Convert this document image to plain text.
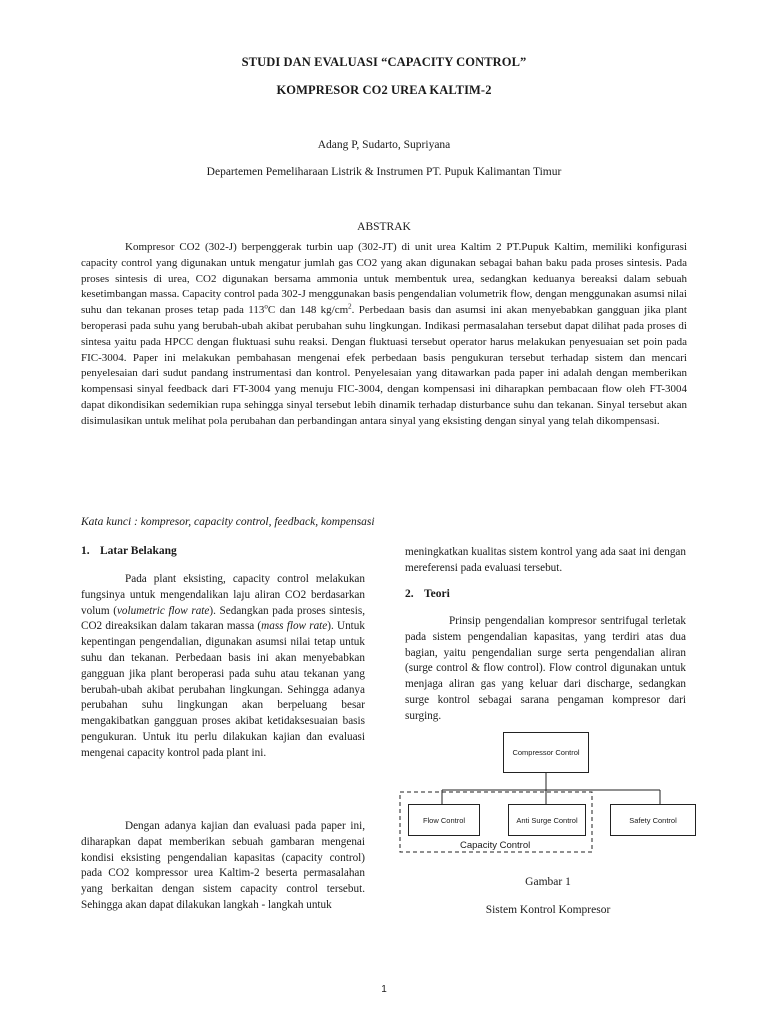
STUDI DAN EVALUASI “CAPACITY CONTROL”
KOMPRESOR CO2 UREA KALTIM-2
Adang P, Sudarto, Supriyana
Departemen Pemeliharaan Listrik & Instrumen PT. Pupuk Kalimantan Timur
ABSTRAK

Kompresor CO2 (302-J) berpenggerak turbin uap (302-JT) di unit urea Kaltim 2 PT.Pupuk Kaltim, memiliki konfigurasi capacity control yang digunakan untuk mengatur jumlah gas CO2 yang akan digunakan sebagai bahan baku pada proses sintesis. Pada proses sintesis di urea, CO2 digunakan bersama ammonia untuk membentuk urea, sedangkan keduanya bereaksi dalam sebuah kesetimbangan massa. Capacity control pada 302-J menggunakan basis pengendalian volumetrik flow, dengan menggunakan asumsi nilai suhu dan tekanan proses tetap pada 113$^o$C dan 148 $kg/cm^2$. Perbedaan basis dan asumsi ini akan menyebabkan gangguan jika plant beroperasi pada suhu yang berubah-ubah akibat perubahan suhu lingkungan. Indikasi permasalahan tersebut dapat dilihat pada proses di sintesa yaitu pada HPCC dengan fluktuasi suhu reaksi. Dengan fluktuasi tersebut operator harus melakukan penyesuaian set poin pada FIC-3004. Paper ini melakukan pembahasan mengenai efek perbedaan basis pengukuran tersebut terhadap sistem dan mencari penyelesaian dari sudut pandang instrumentasi dan kontrol. Penyelesaian yang ditawarkan pada paper ini adalah dengan memberikan kompensasi sinyal feedback dari FT-3004 yang menuju FIC-3004, dengan kompensasi ini diharapkan pembacaan flow oleh FT-3004 dapat dikondisikan sedemikian rupa sehingga sinyal tersebut lebih dinamik terhadap disturbance suhu dan tekanan. Sinyal tersebut akan disimulasikan untuk melihat pola perubahan dan perbandingan antara sinyal yang eksisting dengan sinyal yang telah dikompensasi.

Kata kunci : kompresor, capacity control, feedback, kompensasi
1. Latar Belakang

Pada plant eksisting, capacity control melakukan fungsinya untuk mengendalikan laju aliran CO2 berdasarkan volum (volumetric flow rate). Sedangkan pada proses sintesis, CO2 direaksikan dalam takaran massa (mass flow rate). Untuk kepentingan pengendalian, digunakan asumsi nilai tetap untuk suhu dan tekanan. Perbedaan basis ini akan menyebabkan gangguan jika plant beroperasi pada suhu atau tekanan yang berubah-ubah akibat perubahan lingkungan. Sehingga adanya perubahan suhu lingkungan akan berpeluang besar mengakibatkan gangguan proses akibat ketidaksesuaian basis pengukuran. Untuk itu perlu dilakukan kajian dan evaluasi mengenai capacity kontrol pada plant ini.

Dengan adanya kajian dan evaluasi pada paper ini, diharapkan dapat memberikan sebuah gambaran mengenai kondisi eksisting pengendalian kapasitas (capacity control) pada CO2 kompressor urea Kaltim-2 beserta permasalahan yang berkaitan dengan sistem capacity control tersebut. Sehingga akan dapat dilakukan langkah - langkah untuk

meningkatkan kualitas sistem kontrol yang ada saat ini dengan mereferensi pada evaluasi tersebut.

2. Teori

Prinsip pengendalian kompresor sentrifugal terletak pada sistem pengendalian kapasitas, yang terdiri atas dua bagian, yaitu pengendalian surge serta pengendalian aliran (surge control & flow control). Flow control digunakan untuk menjaga aliran gas yang keluar dari discharge, sedangkan surge kontrol sebagai sarana pengaman kompresor dari surging.

Compressor Control
Flow Control	Anti Surge Control	Safety Control
Capacity Control
Gambar 1
Sistem Kontrol Kompresor
1
